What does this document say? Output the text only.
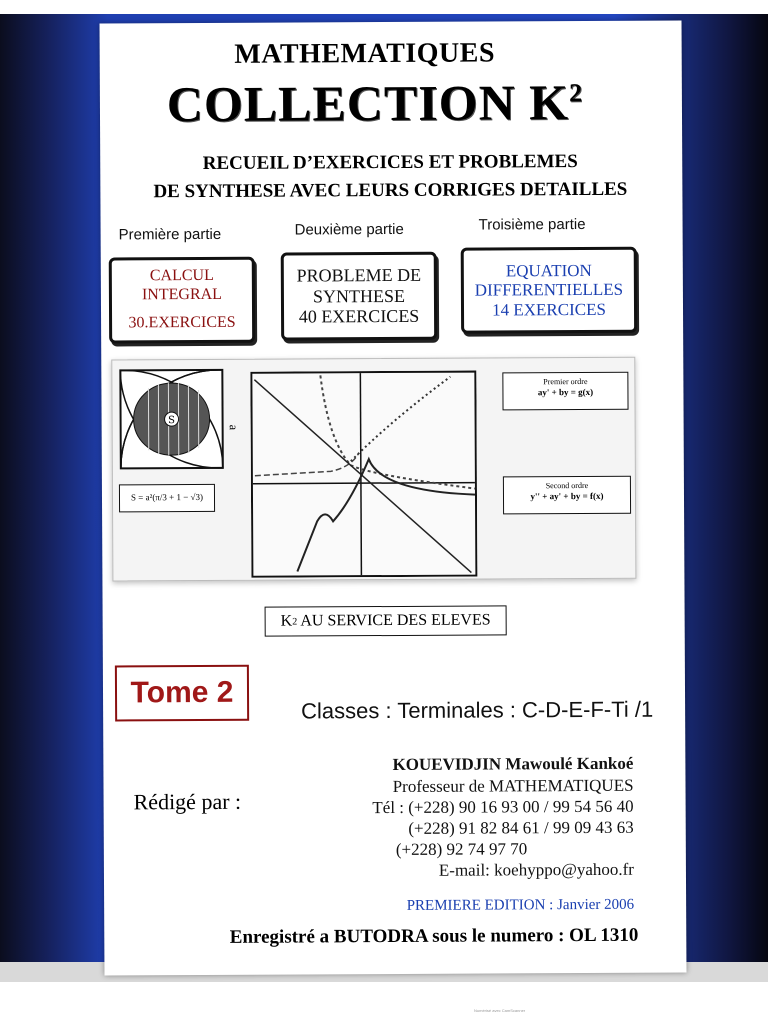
MATHEMATIQUES
COLLECTION $K^2$
RECUEIL D’EXERCICES ET PROBLEMES
DE SYNTHESE AVEC LEURS CORRIGES DETAILLES
Première partie	Deuxième partie	Troisième partie
CALCUL INTEGRAL
30.EXERCICES
PROBLEME DE
SYNTHESE
40 EXERCICES
EQUATION
DIFFERENTIELLES
14 EXERCICES
S
S = a²(π/3 + 1 − √3)
a
Premier ordre
ay' + by = g(x)
Second ordre
y'' + ay' + by = f(x)
K 2 AU SERVICE DES ELEVES
Tome 2
Classes : Terminales : C-D-E-F-Ti /1
Rédigé par :
KOUEVIDJIN Mawoulé Kankoé
Professeur de MATHEMATIQUES
Tél : (+228) 90 16 93 00 / 99 54 56 40
(+228) 91 82 84 61 / 99 09 43 63
(+228) 92 74 97 70
E-mail: koehyppo@yahoo.fr
PREMIERE EDITION : Janvier 2006
Enregistré a BUTODRA sous le numero : OL 1310
Numérisé avec CamScanner
